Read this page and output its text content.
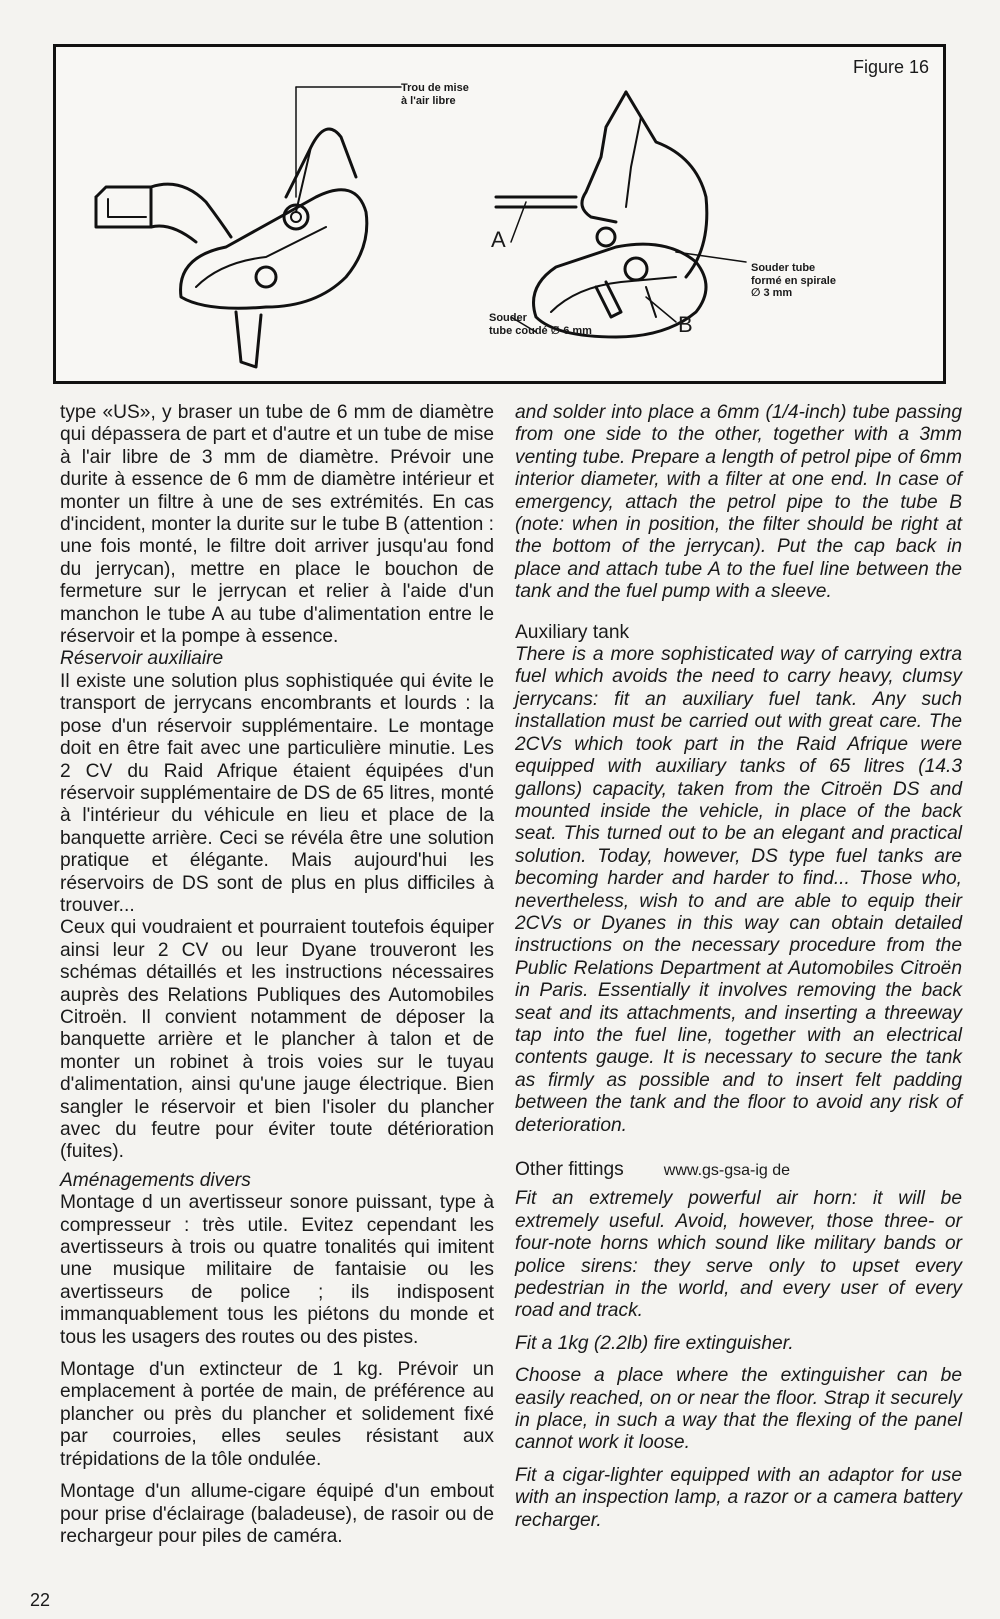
Figure 16
Trou de mise
à l'air libre
Souder tube
formé en spirale
∅ 3 mm
Souder
tube coudé ∅ 6 mm
A
B

type «US», y braser un tube de 6 mm de diamètre qui dépassera de part et d'autre et un tube de mise à l'air libre de 3 mm de diamètre. Prévoir une durite à essence de 6 mm de diamètre intérieur et monter un filtre à une de ses extrémités. En cas d'incident, monter la durite sur le tube B (attention : une fois monté, le filtre doit arriver jusqu'au fond du jerrycan), mettre en place le bouchon de fermeture sur le jerrycan et relier à l'aide d'un manchon le tube A au tube d'alimentation entre le réservoir et la pompe à essence.

Réservoir auxiliaire

Il existe une solution plus sophistiquée qui évite le transport de jerrycans encombrants et lourds : la pose d'un réservoir supplémentaire. Le montage doit en être fait avec une particulière minutie. Les 2 CV du Raid Afrique étaient équipées d'un réservoir supplémentaire de DS de 65 litres, monté à l'intérieur du véhicule en lieu et place de la banquette arrière. Ceci se révéla être une solution pratique et élégante. Mais aujourd'hui les réservoirs de DS sont de plus en plus difficiles à trouver...

Ceux qui voudraient et pourraient toutefois équiper ainsi leur 2 CV ou leur Dyane trouveront les schémas détaillés et les instructions nécessaires auprès des Relations Publiques des Automobiles Citroën. Il convient notamment de déposer la banquette arrière et le plancher à talon et de monter un robinet à trois voies sur le tuyau d'alimentation, ainsi qu'une jauge électrique. Bien sangler le réservoir et bien l'isoler du plancher avec du feutre pour éviter toute détérioration (fuites).

Aménagements divers

Montage d un avertisseur sonore puissant, type à compresseur : très utile. Evitez cependant les avertisseurs à trois ou quatre tonalités qui imitent une musique militaire de fantaisie ou les avertisseurs de police ; ils indisposent immanquablement tous les piétons du monde et tous les usagers des routes ou des pistes.

Montage d'un extincteur de 1 kg. Prévoir un emplacement à portée de main, de préférence au plancher ou près du plancher et solidement fixé par courroies, elles seules résistant aux trépidations de la tôle ondulée.

Montage d'un allume-cigare équipé d'un embout pour prise d'éclairage (baladeuse), de rasoir ou de rechargeur pour piles de caméra.

and solder into place a 6mm (1/4-inch) tube passing from one side to the other, together with a 3mm venting tube. Prepare a length of petrol pipe of 6mm interior diameter, with a filter at one end. In case of emergency, attach the petrol pipe to the tube B (note: when in position, the filter should be right at the bottom of the jerrycan). Put the cap back in place and attach tube A to the fuel line between the tank and the fuel pump with a sleeve.

Auxiliary tank

There is a more sophisticated way of carrying extra fuel which avoids the need to carry heavy, clumsy jerrycans: fit an auxiliary fuel tank. Any such installation must be carried out with great care. The 2CVs which took part in the Raid Afrique were equipped with auxiliary tanks of 65 litres (14.3 gallons) capacity, taken from the Citroën DS and mounted inside the vehicle, in place of the back seat. This turned out to be an elegant and practical solution. Today, however, DS type fuel tanks are becoming harder and harder to find... Those who, nevertheless, wish to and are able to equip their 2CVs or Dyanes in this way can obtain detailed instructions on the necessary procedure from the Public Relations Department at Automobiles Citroën in Paris. Essentially it involves removing the back seat and its attachments, and inserting a threeway tap into the fuel line, together with an electrical contents gauge. It is necessary to secure the tank as firmly as possible and to insert felt padding between the tank and the floor to avoid any risk of deterioration.

Other fittings	www.gs-gsa-ig de

Fit an extremely powerful air horn: it will be extremely useful. Avoid, however, those three- or four-note horns which sound like military bands or police sirens: they serve only to upset every pedestrian in the world, and every user of every road and track.

Fit a 1kg (2.2lb) fire extinguisher.

Choose a place where the extinguisher can be easily reached, on or near the floor. Strap it securely in place, in such a way that the flexing of the panel cannot work it loose.

Fit a cigar-lighter equipped with an adaptor for use with an inspection lamp, a razor or a camera battery recharger.

22
